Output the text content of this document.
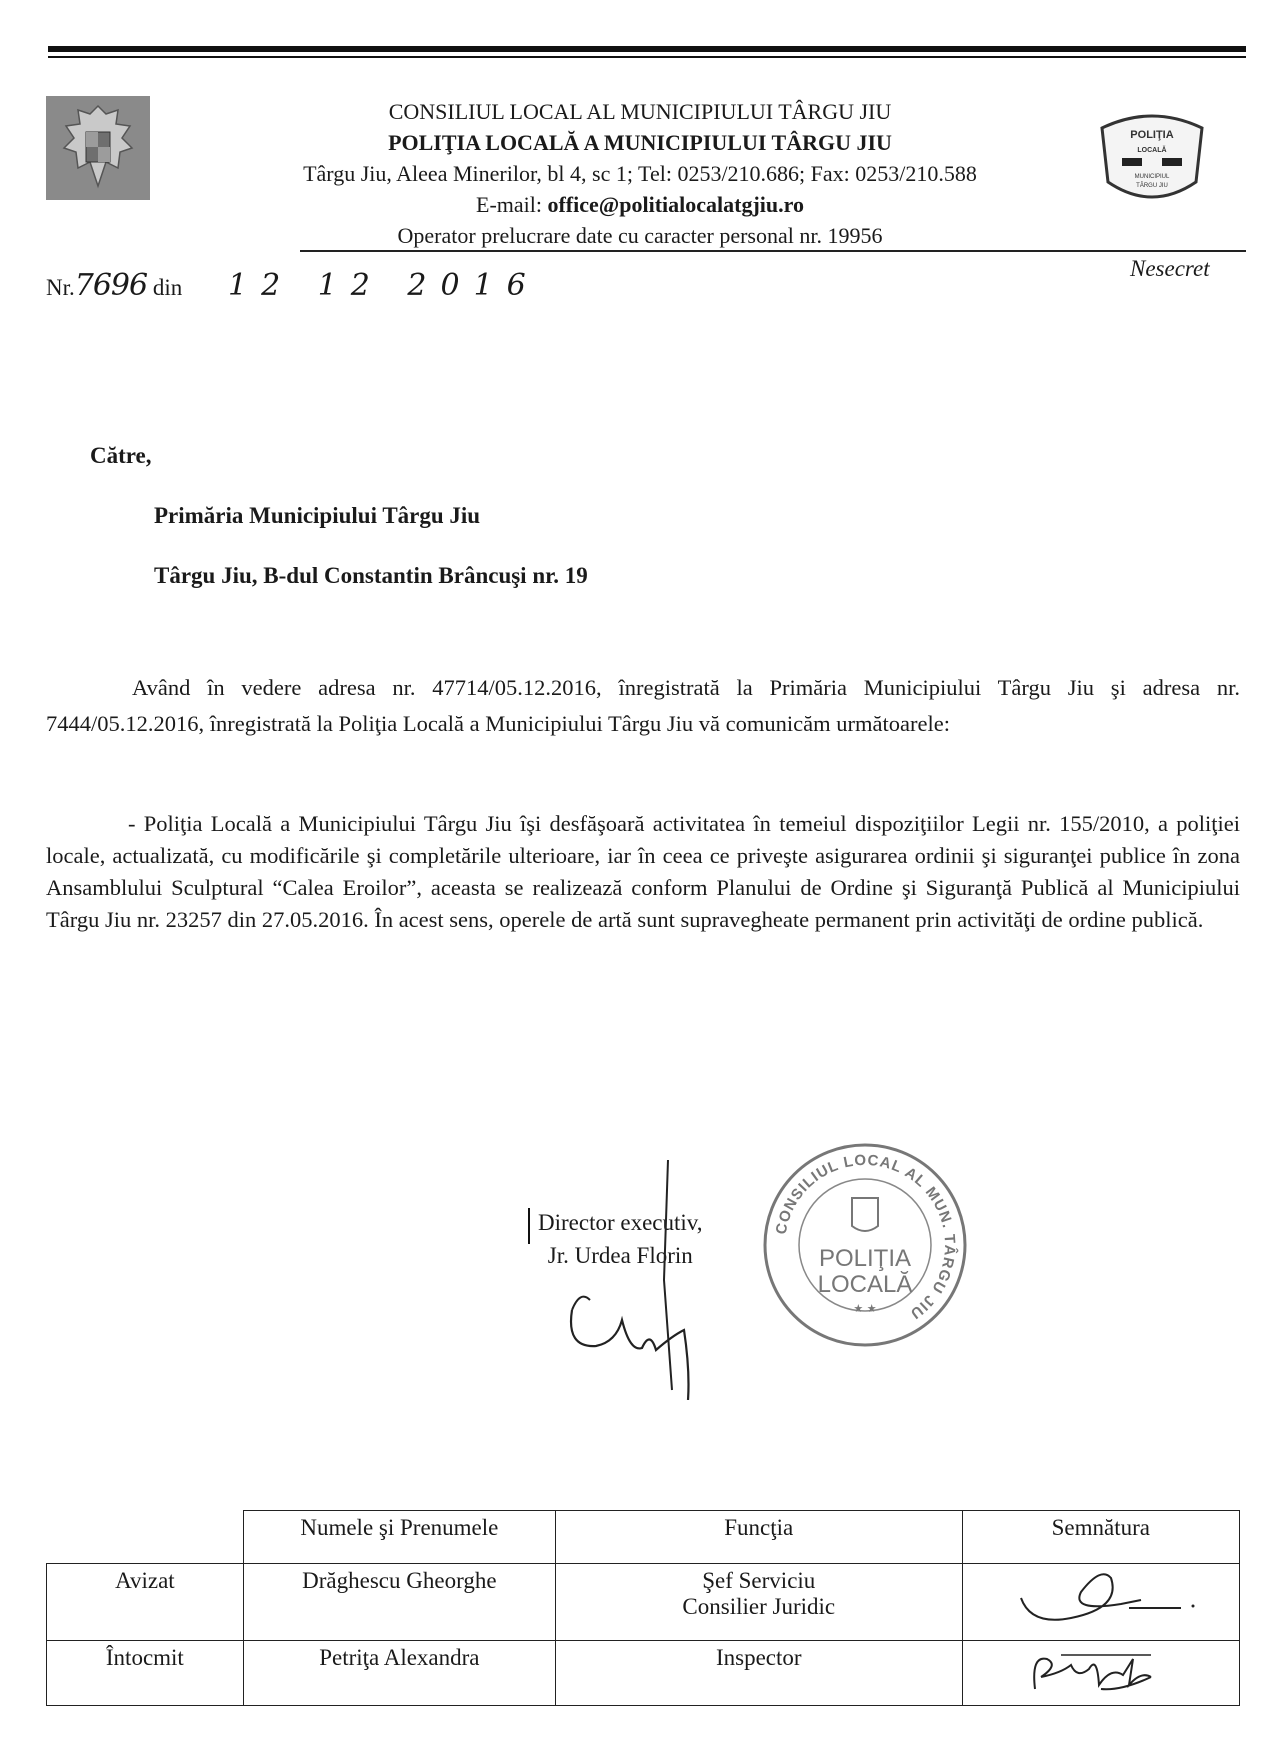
CONSILIUL LOCAL AL MUNICIPIULUI TÂRGU JIU
POLIŢIA LOCALĂ A MUNICIPIULUI TÂRGU JIU
Târgu Jiu, Aleea Minerilor, bl 4, sc 1; Tel: 0253/210.686; Fax: 0253/210.588
E-mail: office@politialocalatgjiu.ro
Operator prelucrare date cu caracter personal nr. 19956
POLIŢIA
LOCALĂ
MUNICIPIUL
TÂRGU JIU
Nr.7696 din 12 12 2016	Nesecret
Către,
Primăria Municipiului Târgu Jiu
Târgu Jiu, B-dul Constantin Brâncuşi nr. 19
Având în vedere adresa nr. 47714/05.12.2016, înregistrată la Primăria Municipiului Târgu Jiu şi adresa nr. 7444/05.12.2016, înregistrată la Poliţia Locală a Municipiului Târgu Jiu vă comunicăm următoarele:
- Poliţia Locală a Municipiului Târgu Jiu îşi desfăşoară activitatea în temeiul dispoziţiilor Legii nr. 155/2010, a poliţiei locale, actualizată, cu modificările şi completările ulterioare, iar în ceea ce priveşte asigurarea ordinii şi siguranţei publice în zona Ansamblului Sculptural “Calea Eroilor”, aceasta se realizează conform Planului de Ordine şi Siguranţă Publică al Municipiului Târgu Jiu nr. 23257 din 27.05.2016. În acest sens, operele de artă sunt supravegheate permanent prin activităţi de ordine publică.
Director executiv,
Jr. Urdea Florin
CONSILIUL LOCAL AL MUN. TÂRGU JIU
POLIŢIA
LOCALĂ
★ ★
	Numele şi Prenumele	Funcţia	Semnătura
Avizat	Drăghescu Gheorghe	Şef Serviciu
Consilier Juridic

Întocmit	Petriţa Alexandra	Inspector
